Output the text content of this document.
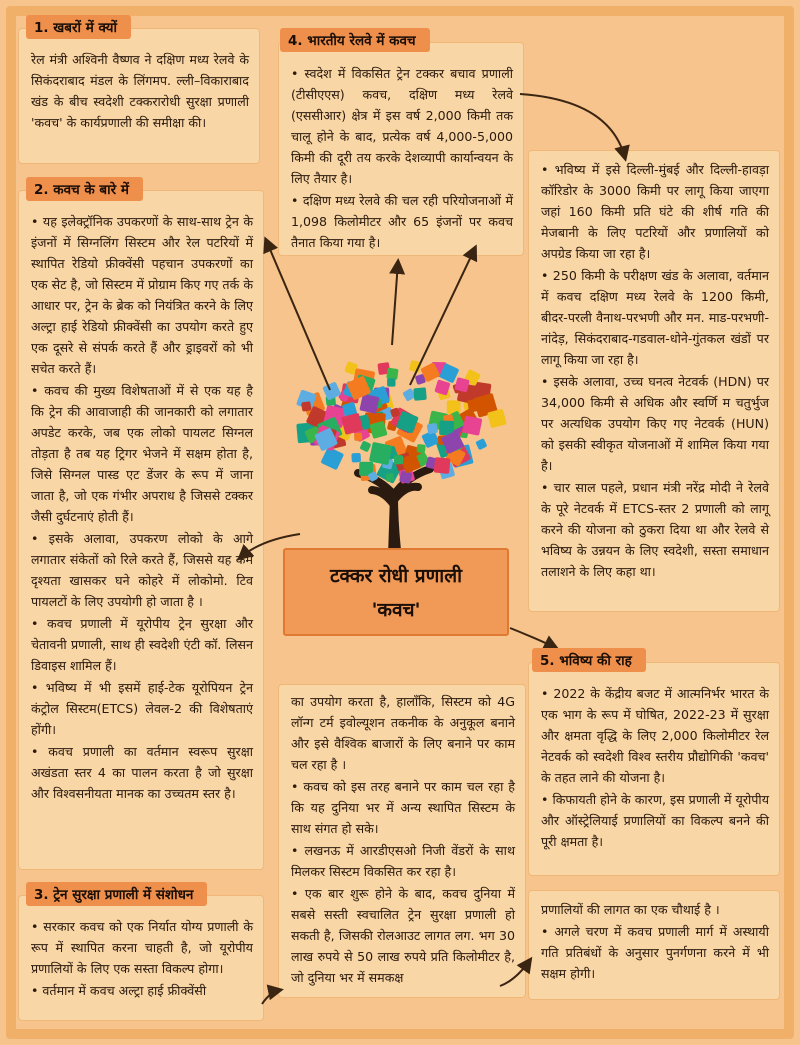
1. खबरों में क्यों

रेल मंत्री अश्विनी वैष्णव ने दक्षिण मध्य रेलवे के सिकंदराबाद मंडल के लिंगमप. ल्ली–विकाराबाद खंड के बीच स्वदेशी टक्करारोधी सुरक्षा प्रणाली 'कवच' के कार्यप्रणाली की समीक्षा की।

2. कवच के बारे में

• यह इलेक्ट्रॉनिक उपकरणों के साथ-साथ ट्रेन के इंजनों में सिग्नलिंग सिस्टम और रेल पटरियों में स्थापित रेडियो फ्रीक्वेंसी पहचान उपकरणों का एक सेट है, जो सिस्टम में प्रोग्राम किए गए तर्क के आधार पर, ट्रेन के ब्रेक को नियंत्रित करने के लिए अल्ट्रा हाई रेडियो फ्रीक्वेंसी का उपयोग करते हुए एक दूसरे से संपर्क करते हैं और ड्राइवरों को भी सचेत करते हैं।

• कवच की मुख्य विशेषताओं में से एक यह है कि ट्रेन की आवाजाही की जानकारी को लगातार अपडेट करके, जब एक लोको पायलट सिग्नल तोड़ता है तब यह ट्रिगर भेजने में सक्षम होता है, जिसे सिग्नल पास्ड एट डेंजर के रूप में जाना जाता है, जो एक गंभीर अपराध है जिससे टक्कर जैसी दुर्घटनाएं होती हैं।

• इसके अलावा, उपकरण लोको के आगे लगातार संकेतों को रिले करते हैं, जिससे यह कम दृश्यता खासकर घने कोहरे में लोकोमो. टिव पायलटों के लिए उपयोगी हो जाता है ।

• कवच प्रणाली में यूरोपीय ट्रेन सुरक्षा और चेतावनी प्रणाली, साथ ही स्वदेशी एंटी कॉ. लिसन डिवाइस शामिल हैं।

• भविष्य में भी इसमें हाई-टेक यूरोपियन ट्रेन कंट्रोल सिस्टम(ETCS) लेवल-2 की विशेषताएं होंगी।

• कवच प्रणाली का वर्तमान स्वरूप सुरक्षा अखंडता स्तर 4 का पालन करता है जो सुरक्षा और विश्वसनीयता मानक का उच्चतम स्तर है।

3. ट्रेन सुरक्षा प्रणाली में संशोधन

• सरकार कवच को एक निर्यात योग्य प्रणाली के रूप में स्थापित करना चाहती है, जो यूरोपीय प्रणालियों के लिए एक सस्ता विकल्प होगा।

• वर्तमान में कवच अल्ट्रा हाई फ्रीक्वेंसी

4. भारतीय रेलवे में कवच

• स्वदेश में विकसित ट्रेन टक्कर बचाव प्रणाली (टीसीएएस) कवच, दक्षिण मध्य रेलवे (एससीआर) क्षेत्र में इस वर्ष 2,000 किमी तक चालू होने के बाद, प्रत्येक वर्ष 4,000-5,000 किमी की दूरी तय करके देशव्यापी कार्यान्वयन के लिए तैयार है।

• दक्षिण मध्य रेलवे की चल रही परियोजनाओं में 1,098 किलोमीटर और 65 इंजनों पर कवच तैनात किया गया है।

• भविष्य में इसे दिल्ली-मुंबई और दिल्ली-हावड़ा कॉरिडोर के 3000 किमी पर लागू किया जाएगा जहां 160 किमी प्रति घंटे की शीर्ष गति की मेजबानी के लिए पटरियों और प्रणालियों को अपग्रेड किया जा रहा है।

• 250 किमी के परीक्षण खंड के अलावा, वर्तमान में कवच दक्षिण मध्य रेलवे के 1200 किमी, बीदर-परली वैनाथ-परभणी और मन. माड-परभणी-नांदेड़, सिकंदराबाद-गडवाल-धोने-गुंतकल खंडों पर लागू किया जा रहा है।

• इसके अलावा, उच्च घनत्व नेटवर्क (HDN) पर 34,000 किमी से अधिक और स्वर्णि म चतुर्भुज पर अत्यधिक उपयोग किए गए नेटवर्क (HUN) को इसकी स्वीकृत योजनाओं में शामिल किया गया है।

• चार साल पहले, प्रधान मंत्री नरेंद्र मोदी ने रेलवे के पूरे नेटवर्क में ETCS-स्तर 2 प्रणाली को लागू करने की योजना को ठुकरा दिया था और रेलवे से भविष्य के उन्नयन के लिए स्वदेशी, सस्ता समाधान तलाशने के लिए कहा था।

5. भविष्य की राह

• 2022 के केंद्रीय बजट में आत्मनिर्भर भारत के एक भाग के रूप में घोषित, 2022-23 में सुरक्षा और क्षमता वृद्धि के लिए 2,000 किलोमीटर रेल नेटवर्क को स्वदेशी विश्व स्तरीय प्रौद्योगिकी 'कवच' के तहत लाने की योजना है।

• किफायती होने के कारण, इस प्रणाली में यूरोपीय और ऑस्ट्रेलियाई प्रणालियों का विकल्प बनने की पूरी क्षमता है।

प्रणालियों की लागत का एक चौथाई है ।

• अगले चरण में कवच प्रणाली मार्ग में अस्थायी गति प्रतिबंधों के अनुसार पुनर्गणना करने में भी सक्षम होगी।

का उपयोग करता है, हालाँकि, सिस्टम को 4G लॉन्ग टर्म इवोल्यूशन तकनीक के अनुकूल बनाने और इसे वैश्विक बाजारों के लिए बनाने पर काम चल रहा है ।

• कवच को इस तरह बनाने पर काम चल रहा है कि यह दुनिया भर में अन्य स्थापित सिस्टम के साथ संगत हो सके।

• लखनऊ में आरडीएसओ निजी वेंडरों के साथ मिलकर सिस्टम विकसित कर रहा है।

• एक बार शुरू होने के बाद, कवच दुनिया में सबसे सस्ती स्वचालित ट्रेन सुरक्षा प्रणाली हो सकती है, जिसकी रोलआउट लागत लग. भग 30 लाख रुपये से 50 लाख रुपये प्रति किलोमीटर है, जो दुनिया भर में समकक्ष

टक्कर रोधी प्रणाली
'कवच'
